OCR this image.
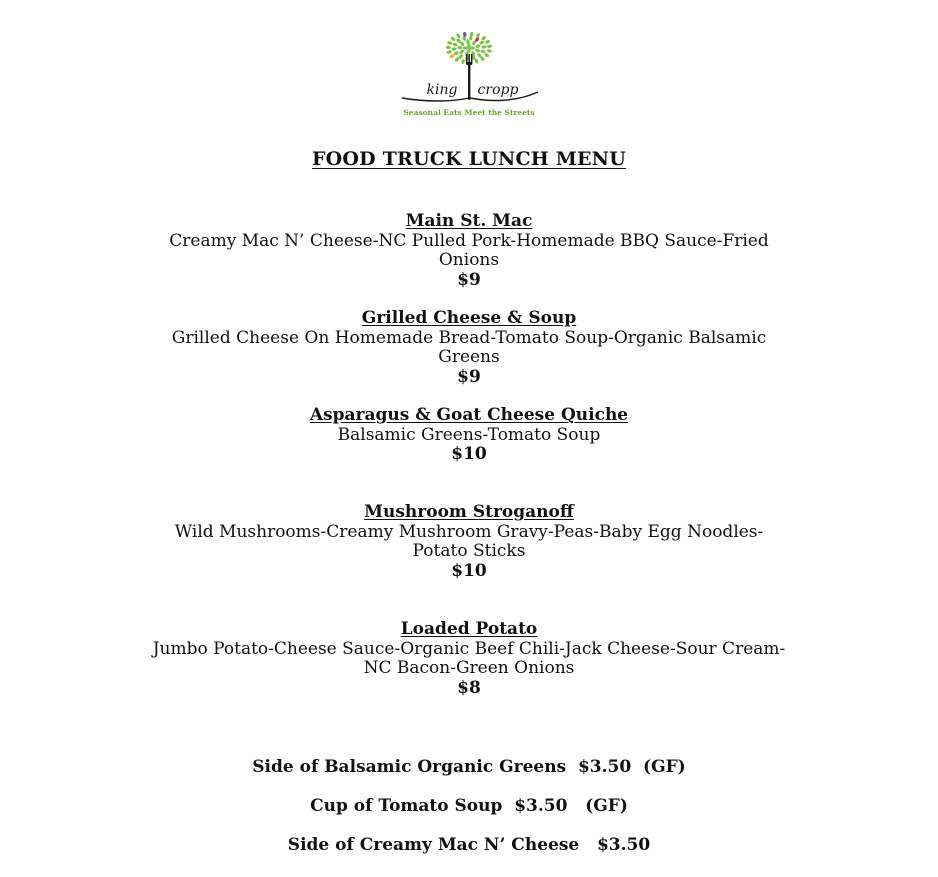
king cropp
Seasonal Eats Meet the Streets
FOOD TRUCK LUNCH MENU
Main St. Mac
Creamy Mac N’ Cheese-NC Pulled Pork-Homemade BBQ Sauce-Fried Onions
$9
Grilled Cheese & Soup
Grilled Cheese On Homemade Bread-Tomato Soup-Organic Balsamic Greens
$9
Asparagus & Goat Cheese Quiche
Balsamic Greens-Tomato Soup
$10
Mushroom Stroganoff
Wild Mushrooms-Creamy Mushroom Gravy-Peas-Baby Egg Noodles-Potato Sticks
$10
Loaded Potato
Jumbo Potato-Cheese Sauce-Organic Beef Chili-Jack Cheese-Sour Cream-NC Bacon-Green Onions
$8
Side of Balsamic Organic Greens  $3.50  (GF)
Cup of Tomato Soup  $3.50   (GF)
Side of Creamy Mac N’ Cheese   $3.50
